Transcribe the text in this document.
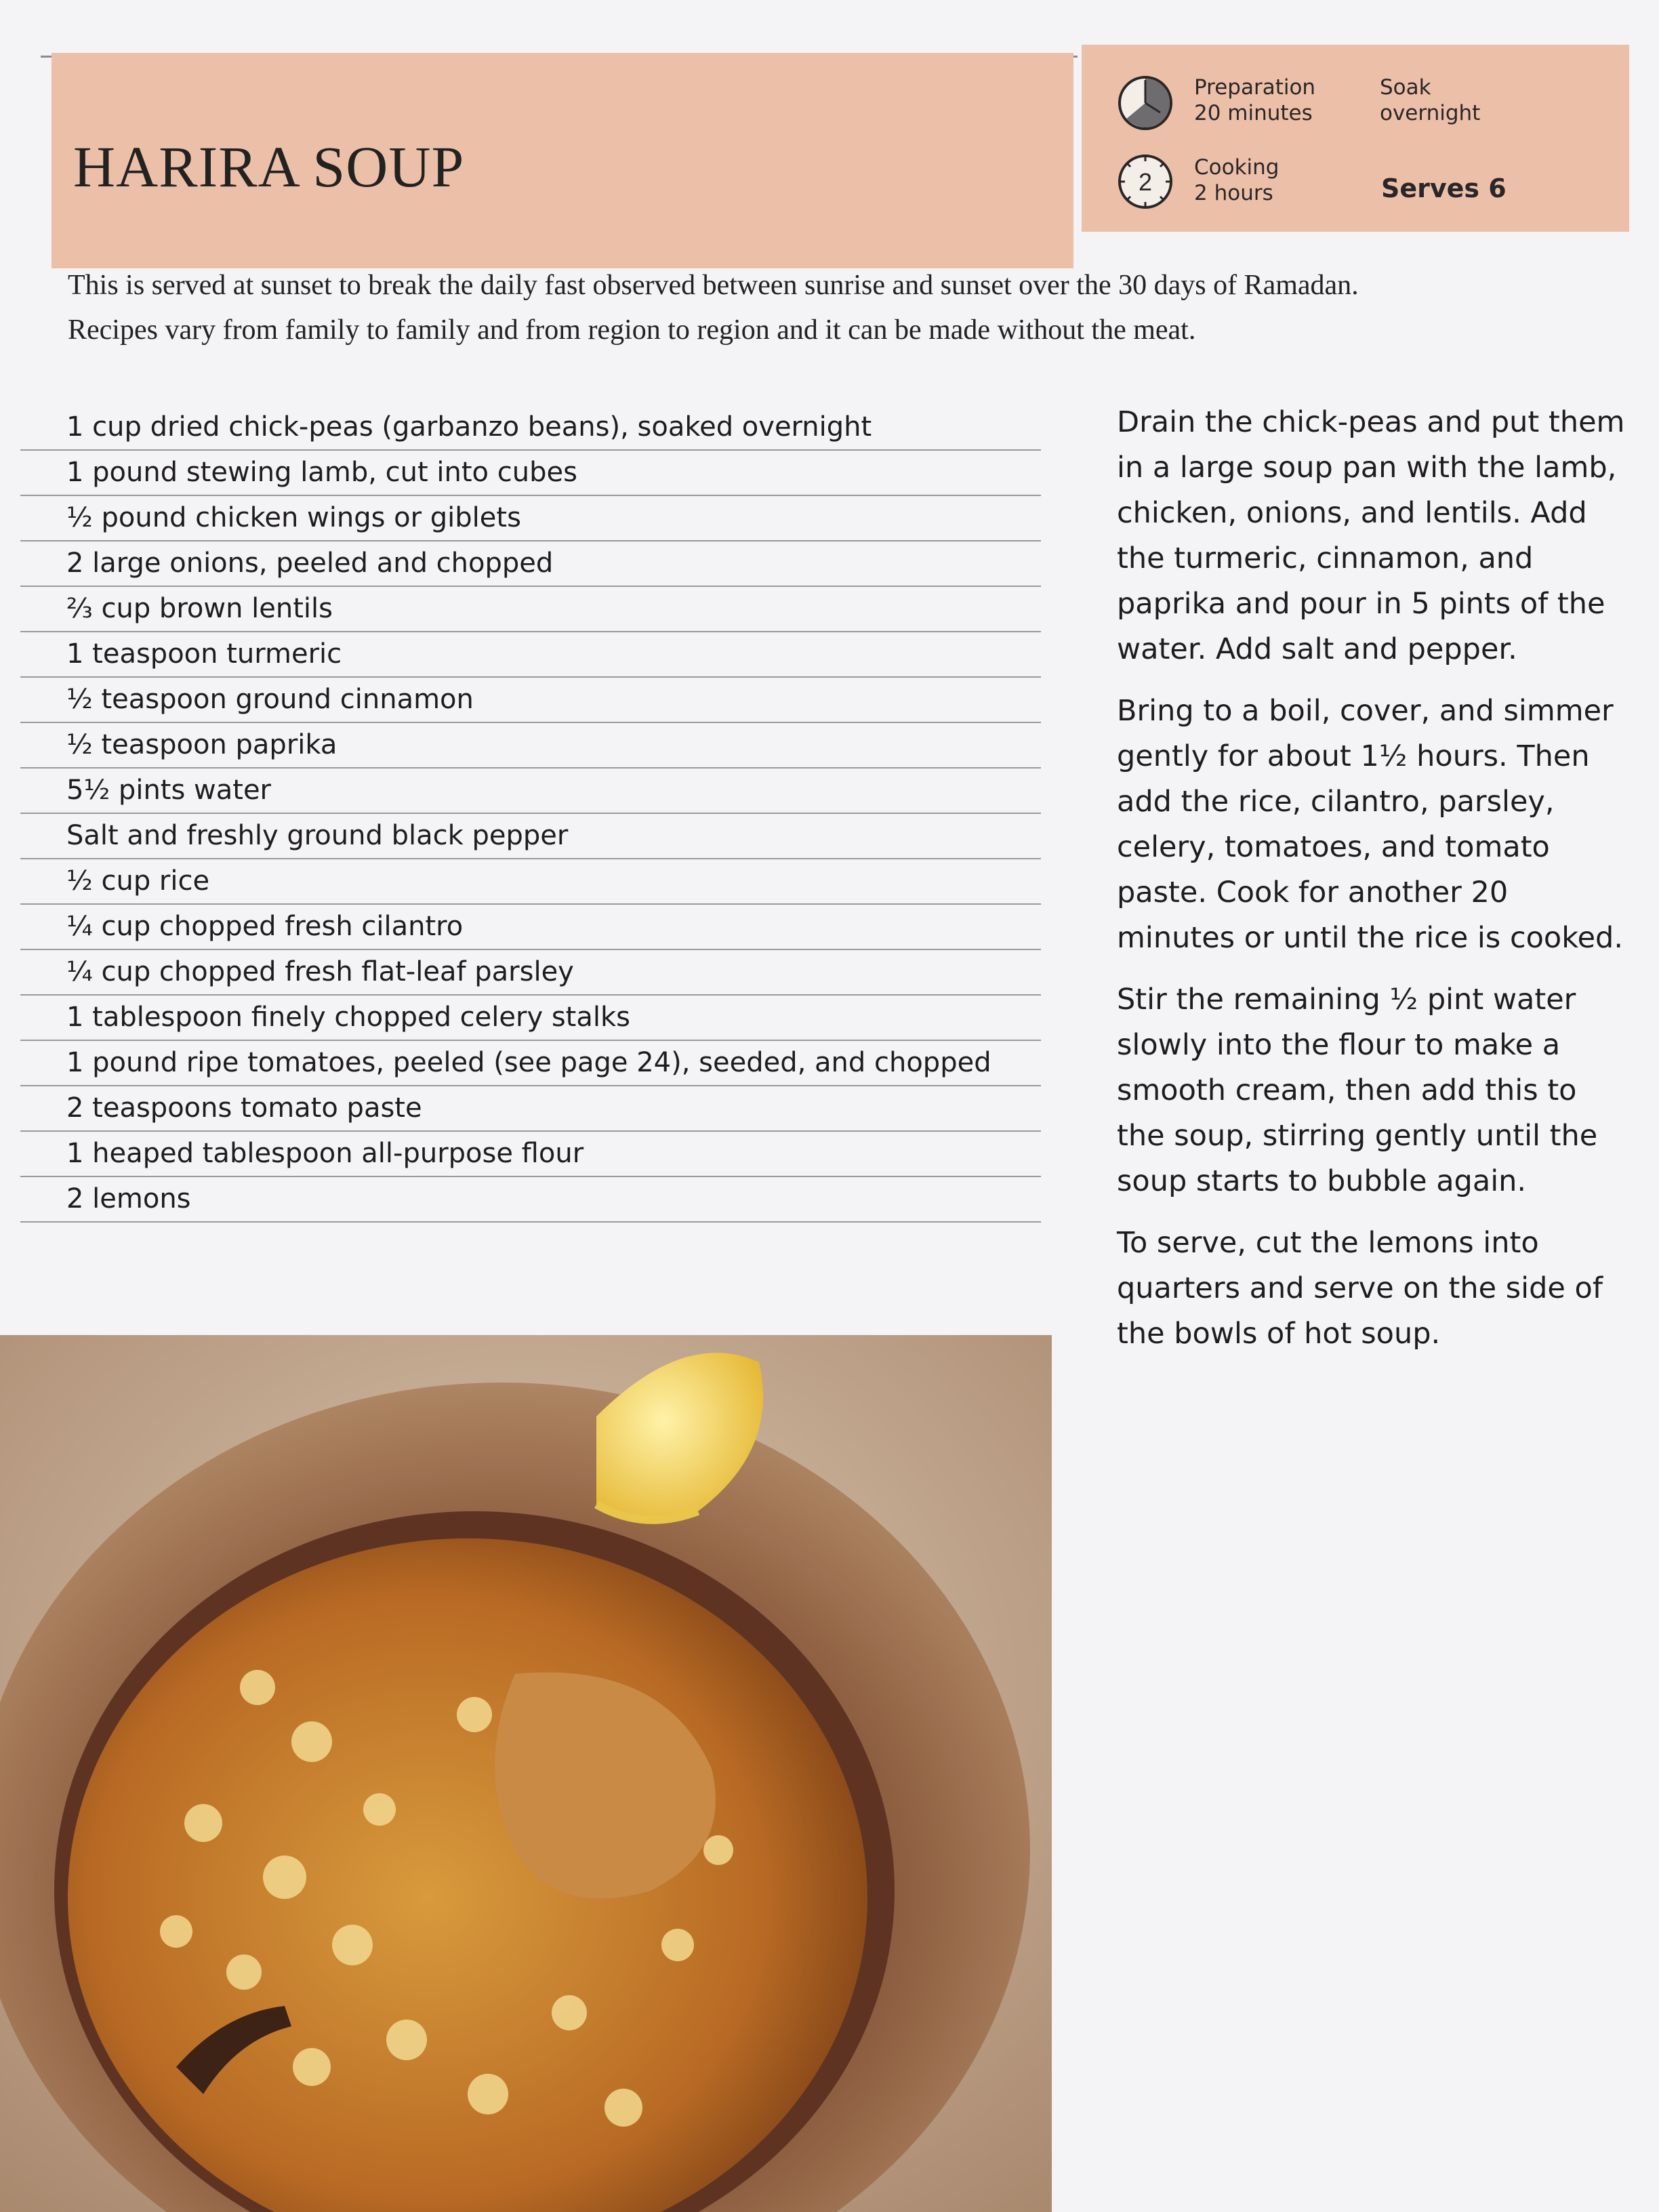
HARIRA SOUP
Preparation
20 minutes
Soak
overnight
2
Cooking
2 hours	Serves 6

This is served at sunset to break the daily fast observed between sunrise and sunset over the 30 days of Ramadan.

Recipes vary from family to family and from region to region and it can be made without the meat.

1 cup dried chick-peas (garbanzo beans), soaked overnight
1 pound stewing lamb, cut into cubes
½ pound chicken wings or giblets
2 large onions, peeled and chopped
⅔ cup brown lentils
1 teaspoon turmeric
½ teaspoon ground cinnamon
½ teaspoon paprika
5½ pints water
Salt and freshly ground black pepper
½ cup rice
¼ cup chopped fresh cilantro
¼ cup chopped fresh flat-leaf parsley
1 tablespoon finely chopped celery stalks
1 pound ripe tomatoes, peeled (see page 24), seeded, and chopped
2 teaspoons tomato paste
1 heaped tablespoon all-purpose flour
2 lemons

Drain the chick-peas and put them in a large soup pan with the lamb, chicken, onions, and lentils. Add the turmeric, cinnamon, and paprika and pour in 5 pints of the water. Add salt and pepper.

Bring to a boil, cover, and simmer gently for about 1½ hours. Then add the rice, cilantro, parsley, celery, tomatoes, and tomato paste. Cook for another 20 minutes or until the rice is cooked.

Stir the remaining ½ pint water slowly into the flour to make a smooth cream, then add this to the soup, stirring gently until the soup starts to bubble again.

To serve, cut the lemons into quarters and serve on the side of the bowls of hot soup.
